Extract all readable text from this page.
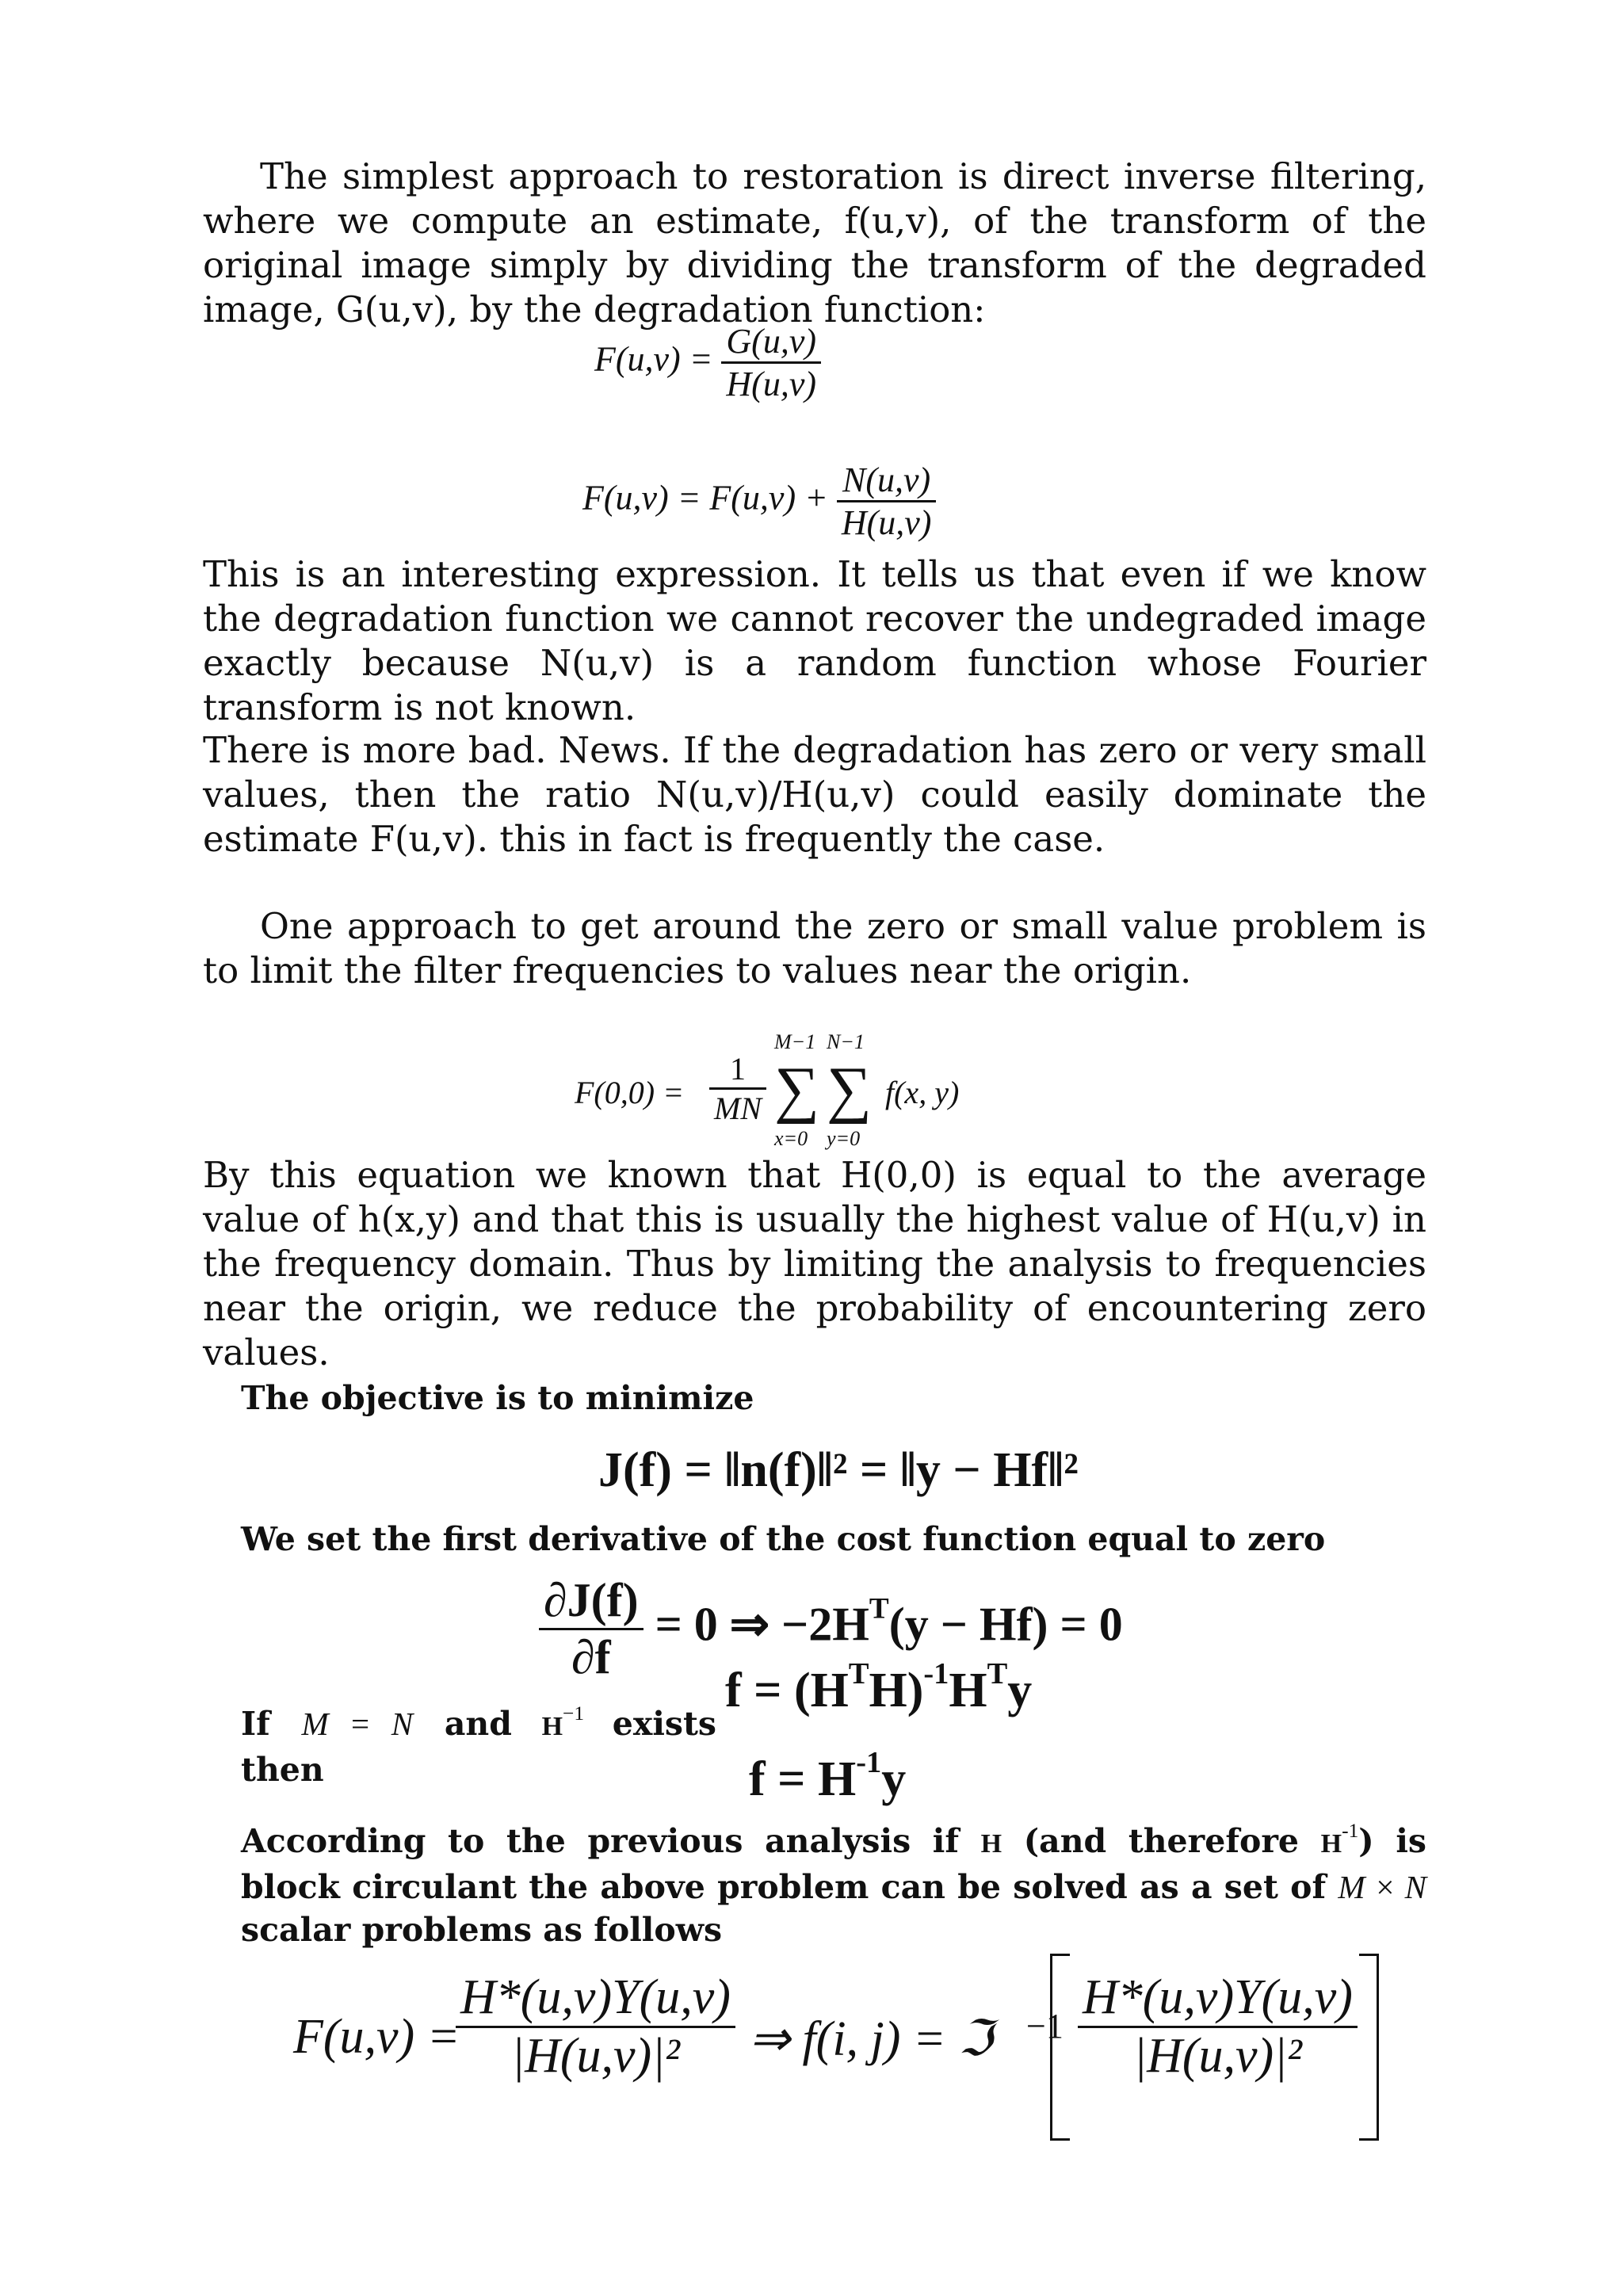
The simplest approach to restoration is direct inverse filtering, where we compute an estimate, f(u,v), of the transform of the original image simply by dividing the transform of the degraded image, G(u,v), by the degradation function:
$F(u,v) = \frac{G(u,v)}{H(u,v)}$
$F(u,v) = F(u,v) + \frac{N(u,v)}{H(u,v)}$
This is an interesting expression. It tells us that even if we know the degradation function we cannot recover the undegraded image exactly because N(u,v) is a random function whose Fourier transform is not known.
There is more bad. News. If the degradation has zero or very small values, then the ratio N(u,v)/H(u,v) could easily dominate the estimate F(u,v). this in fact is frequently the case.
One approach to get around the zero or small value problem is to limit the filter frequencies to values near the origin.
$F(0,0) = \frac{1}{MN}$
M−1
∑
x=0
N−1
∑
y=0
f(x, y)
By this equation we known that H(0,0) is equal to the average value of h(x,y) and that this is usually the highest value of H(u,v) in the frequency domain. Thus by limiting the analysis to frequencies near the origin, we reduce the probability of encountering zero values.
The objective is to minimize
J(f) = ‖n(f)‖² = ‖y − Hf‖²
We set the first derivative of the cost function equal to zero
$\frac{\partial J(f)}{\partial f} = 0$ ⇒ $-2H^T(y - Hf) = 0$
If M = N and $H^{-1}$ exists then
$f = (H^TH)^{-1}H^Ty$
$f = H^{-1}y$
According to the previous analysis if H (and therefore $H^{-1}$) is block circulant the above problem can be solved as a set of M × N scalar problems as follows
F(u,v) =
$\frac{H*(u,v)Y(u,v)}{\text{|H(u,v)|²}}$ ⇒ f(i, j) = ℑ $-1 \frac{H*(u,v)Y(u,v)}{\text{|H(u,v)|²}}$
